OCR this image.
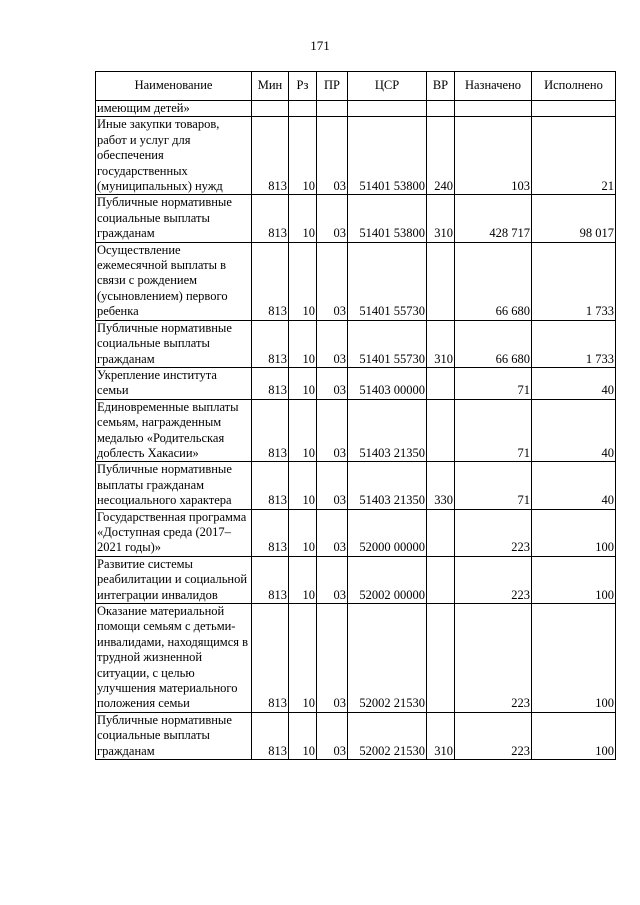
171
Наименование	Мин	Рз	ПР	ЦСР	ВР	Назначено	Исполнено
имеющим детей»							
Иные закупки товаров, работ и услуг для обеспечения государственных (муниципальных) нужд	813	10	03	51401 53800	240	103	21
Публичные нормативные социальные выплаты гражданам	813	10	03	51401 53800	310	428 717	98 017
Осуществление ежемесячной выплаты в связи с рождением (усыновлением) первого ребенка	813	10	03	51401 55730		66 680	1 733
Публичные нормативные социальные выплаты гражданам	813	10	03	51401 55730	310	66 680	1 733
Укрепление института семьи	813	10	03	51403 00000		71	40
Единовременные выплаты семьям, награжденным медалью «Родительская доблесть Хакасии»	813	10	03	51403 21350		71	40
Публичные нормативные выплаты гражданам несоциального характера	813	10	03	51403 21350	330	71	40
Государственная программа «Доступная среда (2017–2021 годы)»	813	10	03	52000 00000		223	100
Развитие системы реабилитации и социальной интеграции инвалидов	813	10	03	52002 00000		223	100
Оказание материальной помощи семьям с детьми-инвалидами, находящимся в трудной жизненной ситуации, с целью улучшения материального положения семьи	813	10	03	52002 21530		223	100
Публичные нормативные социальные выплаты гражданам	813	10	03	52002 21530	310	223	100
